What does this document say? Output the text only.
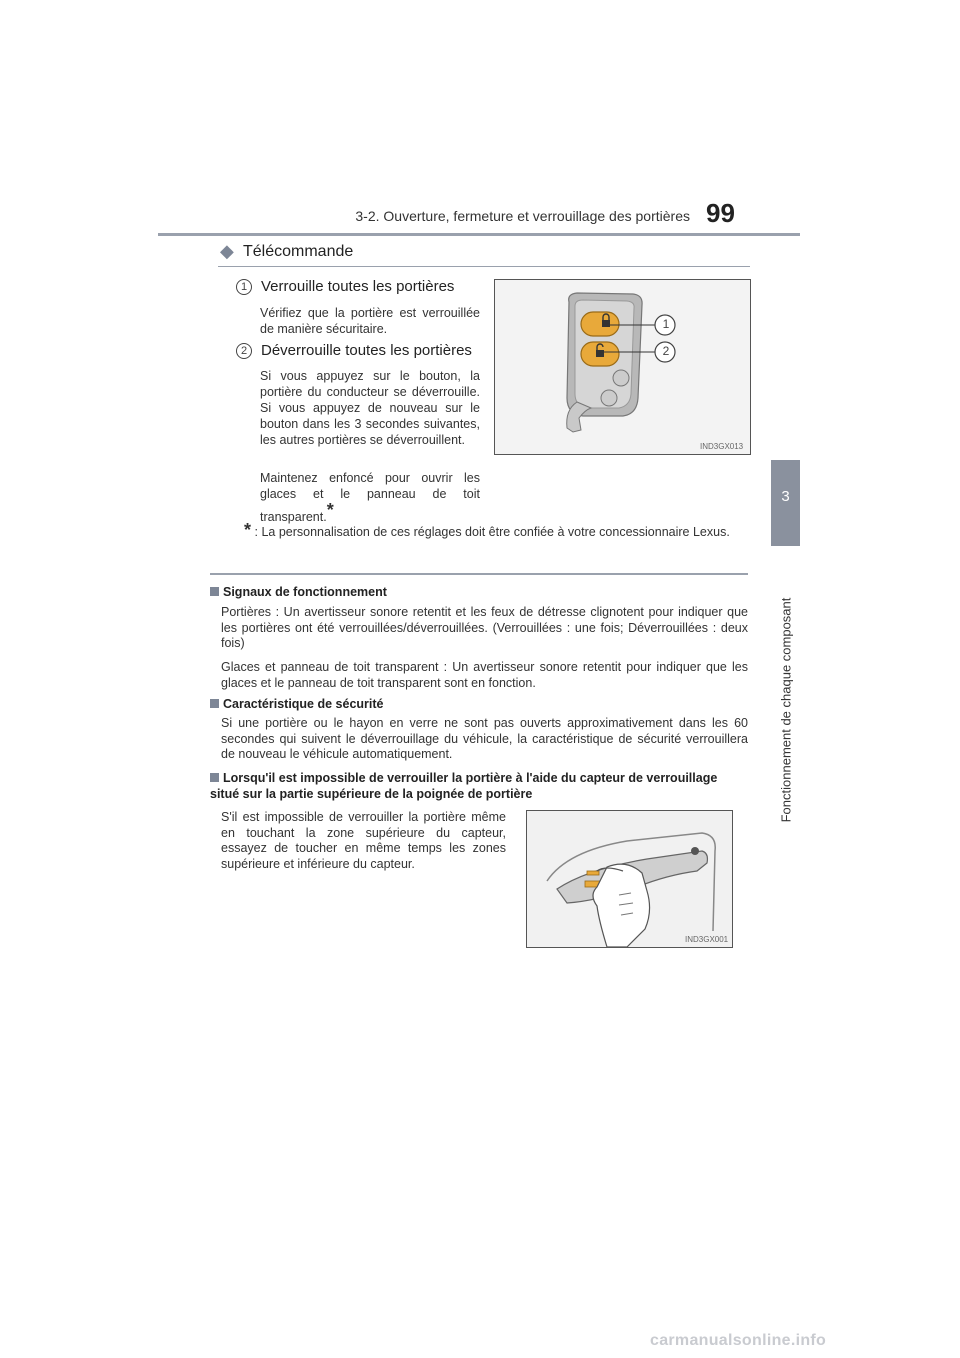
3-2. Ouverture, fermeture et verrouillage des portières 99
3
Fonctionnement de chaque composant
◆ Télécommande
1 Verrouille toutes les portières
Vérifiez que la portière est verrouillée de manière sécuritaire.
2 Déverrouille toutes les portières
Si vous appuyez sur le bouton, la portière du conducteur se déverrouille. Si vous appuyez de nouveau sur le bouton dans les 3 secondes suivantes, les autres portières se déverrouillent.
Maintenez enfoncé pour ouvrir les glaces et le panneau de toit transparent.*
1
2
IND3GX013
* : La personnalisation de ces réglages doit être confiée à votre concessionnaire Lexus.
Signaux de fonctionnement
Portières : Un avertisseur sonore retentit et les feux de détresse clignotent pour indiquer que les portières ont été verrouillées/déverrouillées. (Verrouillées : une fois; Déverrouillées : deux fois)
Glaces et panneau de toit transparent : Un avertisseur sonore retentit pour indiquer que les glaces et le panneau de toit transparent sont en fonction.
Caractéristique de sécurité
Si une portière ou le hayon en verre ne sont pas ouverts approximativement dans les 60 secondes qui suivent le déverrouillage du véhicule, la caractéristique de sécurité verrouillera de nouveau le véhicule automatiquement.
Lorsqu'il est impossible de verrouiller la portière à l'aide du capteur de verrouillage situé sur la partie supérieure de la poignée de portière
S'il est impossible de verrouiller la portière même en touchant la zone supérieure du capteur, essayez de toucher en même temps les zones supérieure et inférieure du capteur.
IND3GX001
carmanualsonline.info
